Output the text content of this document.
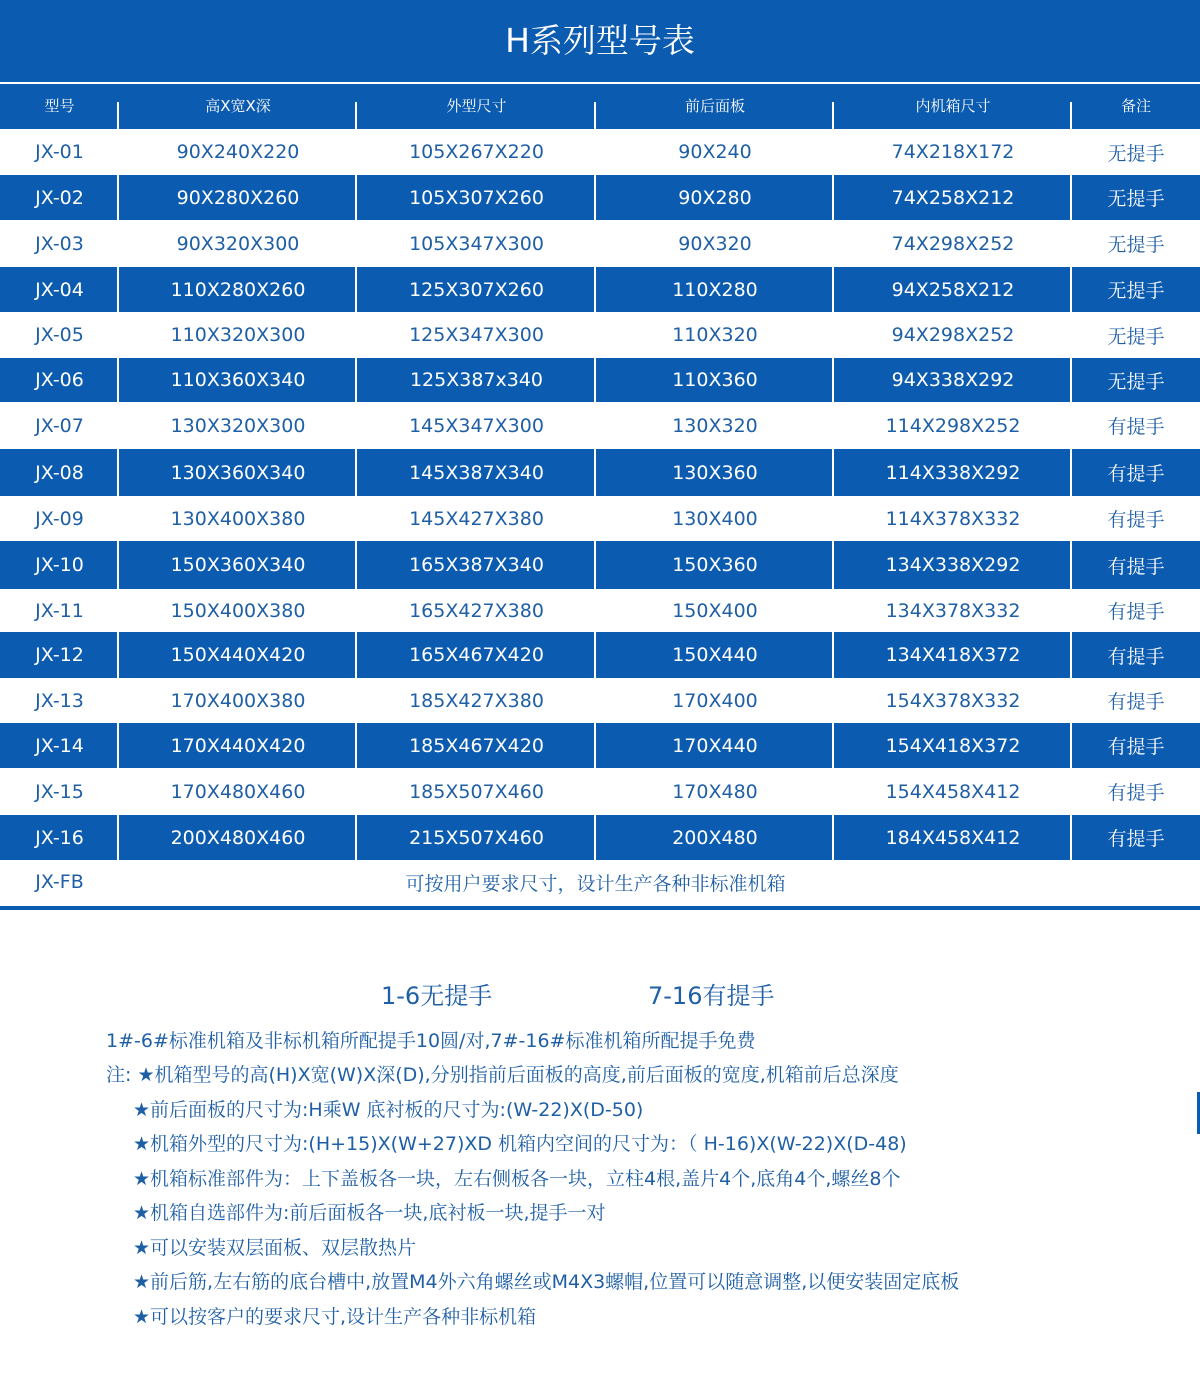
H系列型号表
型号	高X宽X深	外型尺寸	前后面板	内机箱尺寸	备注
JX-01	90X240X220	105X267X220	90X240	74X218X172	无提手
JX-02	90X280X260	105X307X260	90X280	74X258X212	无提手
JX-03	90X320X300	105X347X300	90X320	74X298X252	无提手
JX-04	110X280X260	125X307X260	110X280	94X258X212	无提手
JX-05	110X320X300	125X347X300	110X320	94X298X252	无提手
JX-06	110X360X340	125X387x340	110X360	94X338X292	无提手
JX-07	130X320X300	145X347X300	130X320	114X298X252	有提手
JX-08	130X360X340	145X387X340	130X360	114X338X292	有提手
JX-09	130X400X380	145X427X380	130X400	114X378X332	有提手
JX-10	150X360X340	165X387X340	150X360	134X338X292	有提手
JX-11	150X400X380	165X427X380	150X400	134X378X332	有提手
JX-12	150X440X420	165X467X420	150X440	134X418X372	有提手
JX-13	170X400X380	185X427X380	170X400	154X378X332	有提手
JX-14	170X440X420	185X467X420	170X440	154X418X372	有提手
JX-15	170X480X460	185X507X460	170X480	154X458X412	有提手
JX-16	200X480X460	215X507X460	200X480	184X458X412	有提手
JX-FB	可按用户要求尺寸，设计生产各种非标准机箱
1-6无提手	7-16有提手
1#-6#标准机箱及非标机箱所配提手10圆/对,7#-16#标准机箱所配提手免费
注: ★机箱型号的高(H)X宽(W)X深(D),分别指前后面板的高度,前后面板的宽度,机箱前后总深度
★前后面板的尺寸为:H乘W 底衬板的尺寸为:(W-22)X(D-50)
★机箱外型的尺寸为:(H+15)X(W+27)XD 机箱内空间的尺寸为：（ H-16)X(W-22)X(D-48)
★机箱标准部件为：上下盖板各一块，左右侧板各一块，立柱4根,盖片4个,底角4个,螺丝8个
★机箱自选部件为:前后面板各一块,底衬板一块,提手一对
★可以安装双层面板、双层散热片
★前后筋,左右筋的底台槽中,放置M4外六角螺丝或M4X3螺帽,位置可以随意调整,以便安装固定底板
★可以按客户的要求尺寸,设计生产各种非标机箱
